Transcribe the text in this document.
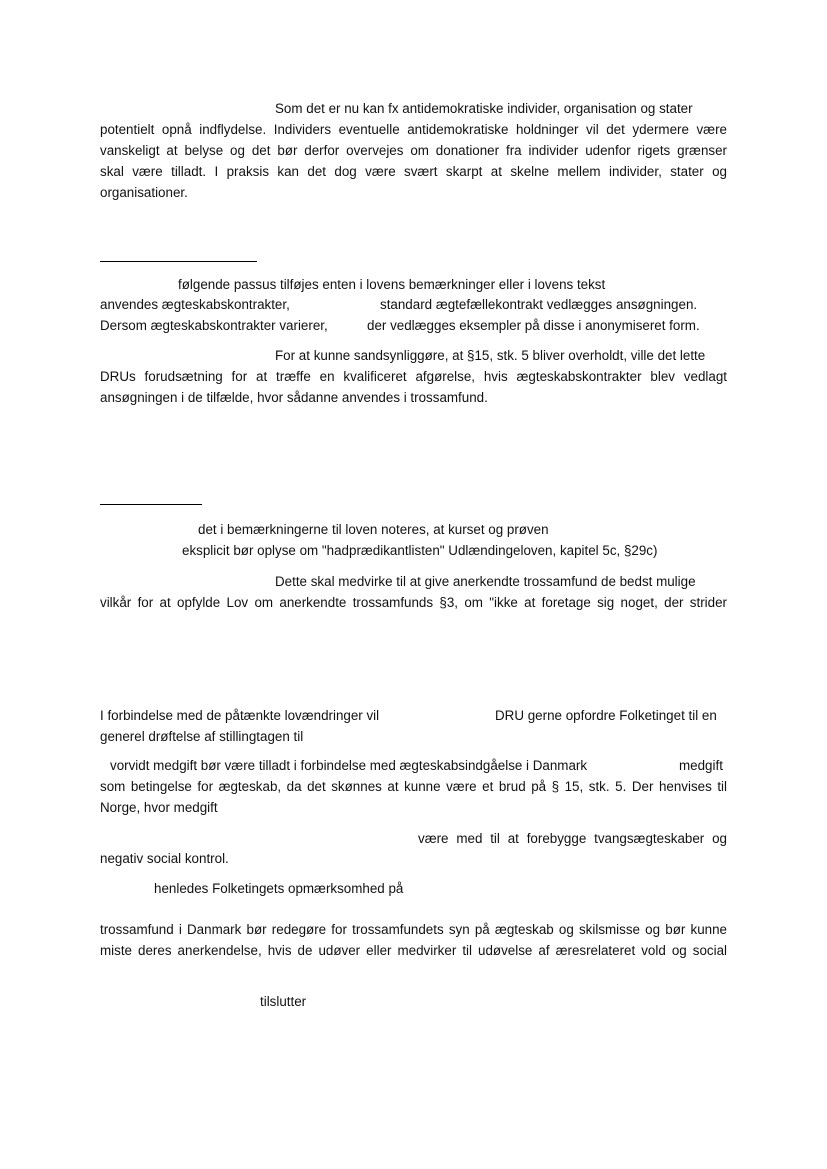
Som det er nu kan fx antidemokratiske individer, organisation og stater
potentielt opnå indflydelse. Individers eventuelle antidemokratiske holdninger vil det ydermere være
vanskeligt at belyse og det bør derfor overvejes om donationer fra individer udenfor rigets grænser
skal være tilladt. I praksis kan det dog være svært skarpt at skelne mellem individer, stater og
organisationer.
følgende passus tilføjes enten i lovens bemærkninger eller i lovens tekst
anvendes ægteskabskontrakter,	standard ægtefællekontrakt vedlægges ansøgningen.
Dersom ægteskabskontrakter varierer,	der vedlægges eksempler på disse i anonymiseret form.
For at kunne sandsynliggøre, at §15, stk. 5 bliver overholdt, ville det lette
DRUs forudsætning for at træffe en kvalificeret afgørelse, hvis ægteskabskontrakter blev vedlagt
ansøgningen i de tilfælde, hvor sådanne anvendes i trossamfund.
det i bemærkningerne til loven noteres, at kurset og prøven
eksplicit bør oplyse om "hadprædikantlisten" Udlændingeloven, kapitel 5c, §29c)
Dette skal medvirke til at give anerkendte trossamfund de bedst mulige
vilkår for at opfylde Lov om anerkendte trossamfunds §3, om "ikke at foretage sig noget, der strider
I forbindelse med de påtænkte lovændringer vil	DRU gerne opfordre Folketinget til en
generel drøftelse af stillingtagen til
vorvidt medgift bør være tilladt i forbindelse med ægteskabsindgåelse i Danmark	medgift
som betingelse for ægteskab, da det skønnes at kunne være et brud på § 15, stk. 5. Der henvises til
Norge, hvor medgift
være med til at forebygge tvangsægteskaber og
negativ social kontrol.
henledes Folketingets opmærksomhed på
trossamfund i Danmark bør redegøre for trossamfundets syn på ægteskab og skilsmisse og bør kunne
miste deres anerkendelse, hvis de udøver eller medvirker til udøvelse af æresrelateret vold og social
tilslutter
